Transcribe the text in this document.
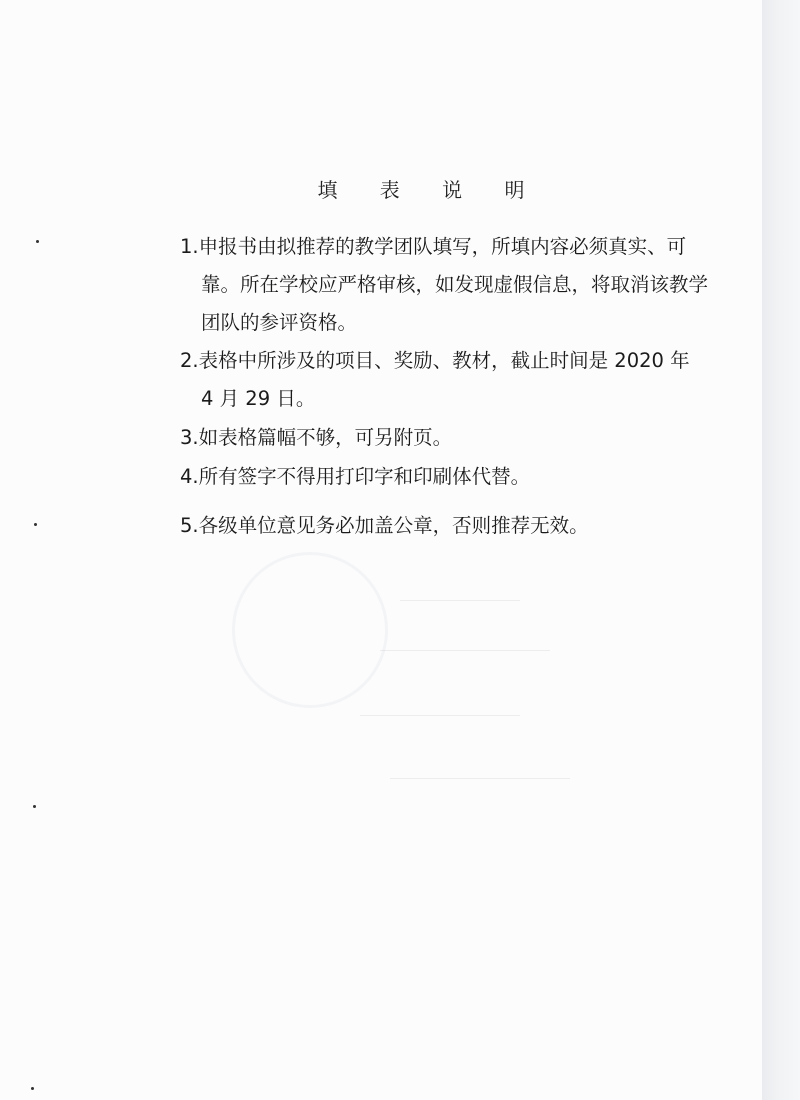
填 表 说 明
1.申报书由拟推荐的教学团队填写，所填内容必须真实、可
靠。所在学校应严格审核，如发现虚假信息，将取消该教学团队的参评资格。
2.表格中所涉及的项目、奖励、教材，截止时间是 2020 年
4 月 29 日。
3.如表格篇幅不够，可另附页。
4.所有签字不得用打印字和印刷体代替。
5.各级单位意见务必加盖公章，否则推荐无效。
